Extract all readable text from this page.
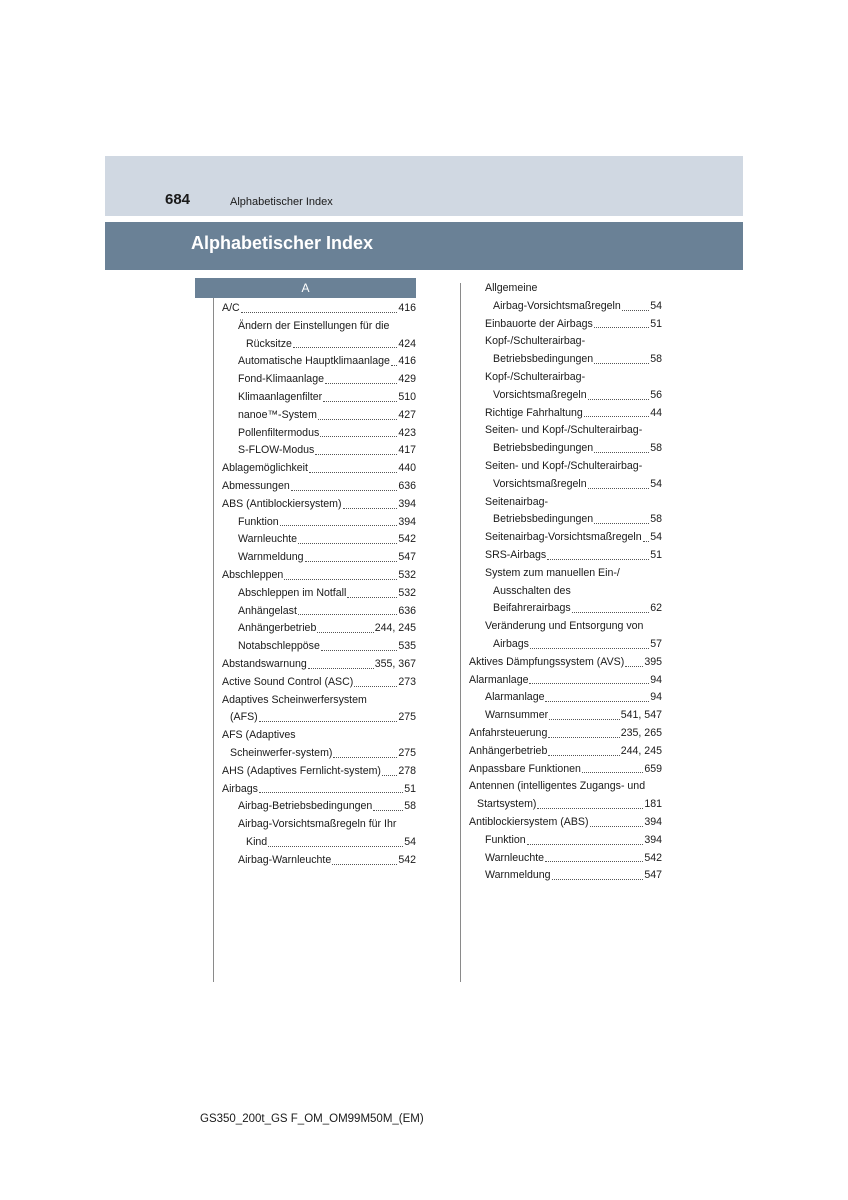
684	Alphabetischer Index
Alphabetischer Index
A
A/C	416
Ändern der Einstellungen für die
Rücksitze	424
Automatische Hauptklimaanlage 416
Fond-Klimaanlage	429
Klimaanlagenfilter	510
nanoe™-System	427
Pollenfiltermodus	423
S-FLOW-Modus	417
Ablagemöglichkeit	440
Abmessungen	636
ABS (Antiblockiersystem)	394
Funktion	394
Warnleuchte	542
Warnmeldung	547
Abschleppen	532
Abschleppen im Notfall	532
Anhängelast	636
Anhängerbetrieb	244, 245
Notabschleppöse	535
Abstandswarnung	355, 367
Active Sound Control (ASC)	273
Adaptives Scheinwerfersystem
(AFS)	275
AFS (Adaptives
Scheinwerfer-system)	275
AHS (Adaptives Fernlicht-system) 278
Airbags	51
Airbag-Betriebsbedingungen	58
Airbag-Vorsichtsmaßregeln für Ihr
Kind	54
Airbag-Warnleuchte	542
Allgemeine
Airbag-Vorsichtsmaßregeln	54
Einbauorte der Airbags	51
Kopf-/Schulterairbag-
Betriebsbedingungen	58
Kopf-/Schulterairbag-
Vorsichtsmaßregeln	56
Richtige Fahrhaltung	44
Seiten- und Kopf-/Schulterairbag-
Betriebsbedingungen	58
Seiten- und Kopf-/Schulterairbag-
Vorsichtsmaßregeln	54
Seitenairbag-
Betriebsbedingungen	58
Seitenairbag-Vorsichtsmaßregeln 54
SRS-Airbags	51
System zum manuellen Ein-/
Ausschalten des
Beifahrerairbags	62
Veränderung und Entsorgung von
Airbags	57
Aktives Dämpfungssystem (AVS) 395
Alarmanlage	94
Alarmanlage	94
Warnsummer	541, 547
Anfahrsteuerung	235, 265
Anhängerbetrieb	244, 245
Anpassbare Funktionen	659
Antennen (intelligentes Zugangs- und
Startsystem)	181
Antiblockiersystem (ABS)	394
Funktion	394
Warnleuchte	542
Warnmeldung	547
GS350_200t_GS F_OM_OM99M50M_(EM)
